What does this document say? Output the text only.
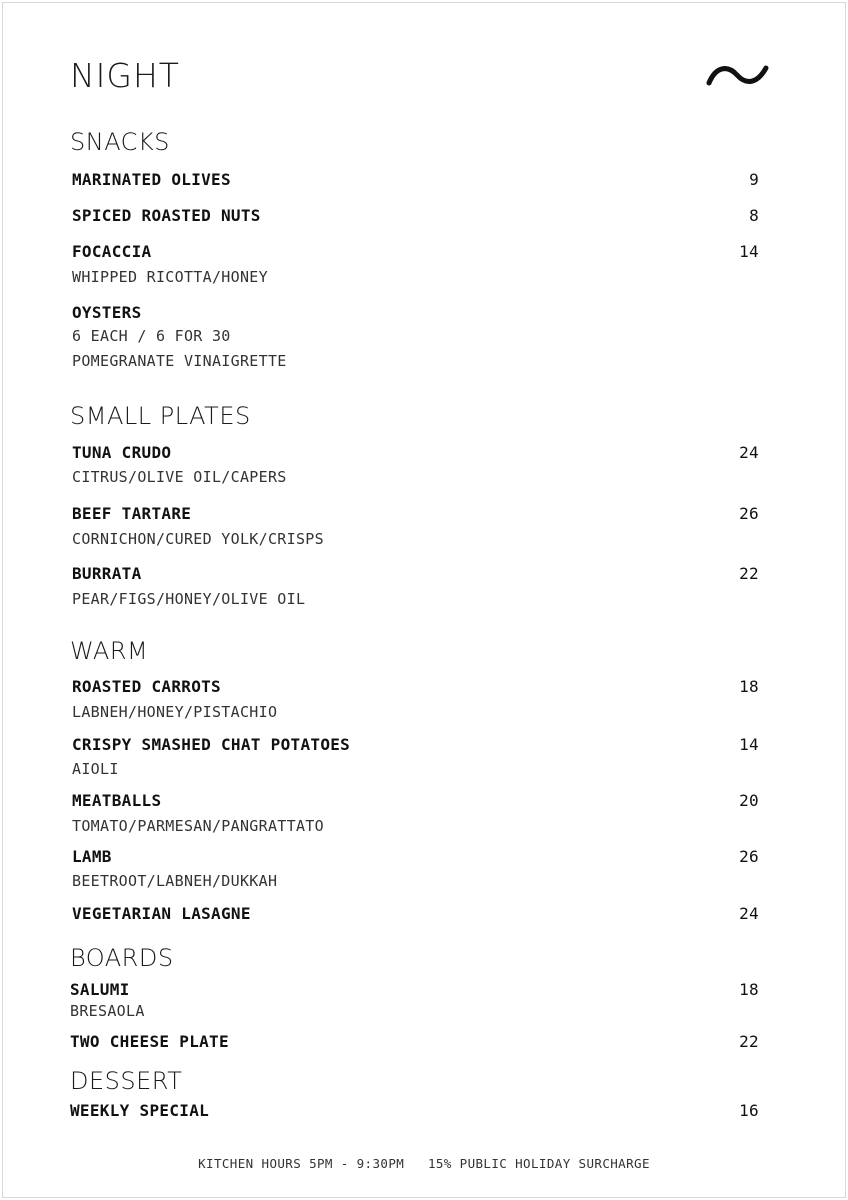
NIGHT
SNACKS
MARINATED OLIVES	9
SPICED ROASTED NUTS	8
FOCACCIA	14
WHIPPED RICOTTA/HONEY
OYSTERS
6 EACH / 6 FOR 30
POMEGRANATE VINAIGRETTE
SMALL PLATES
TUNA CRUDO	24
CITRUS/OLIVE OIL/CAPERS
BEEF TARTARE	26
CORNICHON/CURED YOLK/CRISPS
BURRATA	22
PEAR/FIGS/HONEY/OLIVE OIL
WARM
ROASTED CARROTS	18
LABNEH/HONEY/PISTACHIO
CRISPY SMASHED CHAT POTATOES	14
AIOLI
MEATBALLS	20
TOMATO/PARMESAN/PANGRATTATO
LAMB	26
BEETROOT/LABNEH/DUKKAH
VEGETARIAN LASAGNE	24
BOARDS
SALUMI	18
BRESAOLA
TWO CHEESE PLATE	22
DESSERT
WEEKLY SPECIAL	16
KITCHEN HOURS 5PM - 9:30PM   15% PUBLIC HOLIDAY SURCHARGE
